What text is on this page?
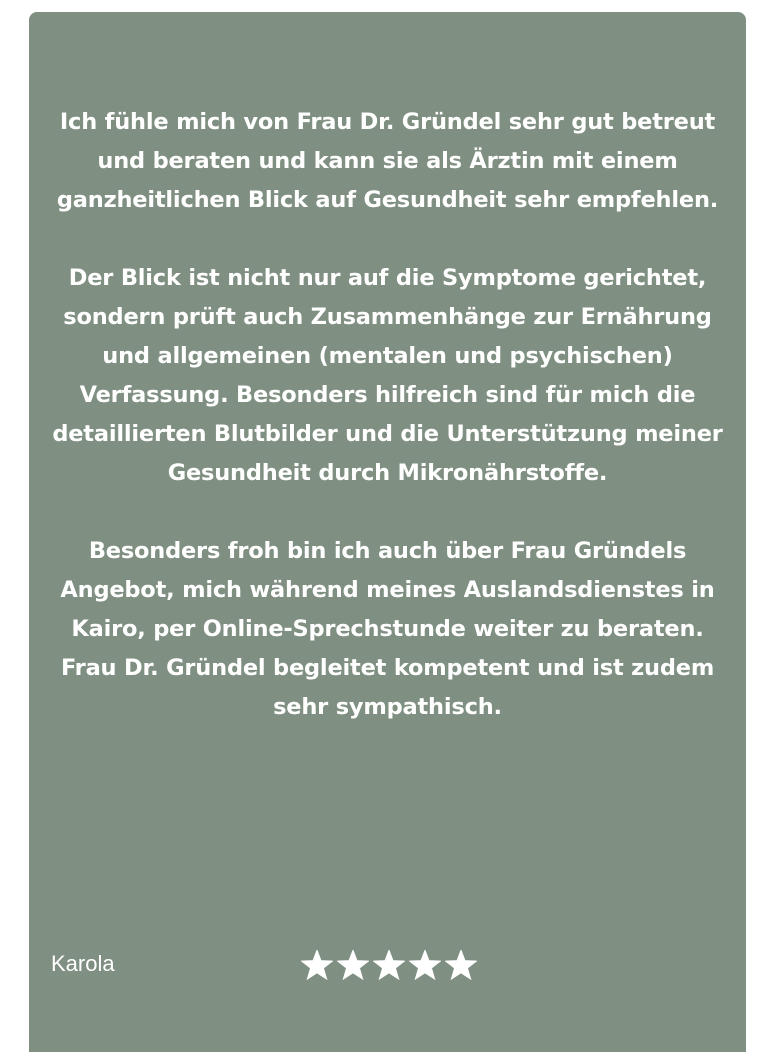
Ich fühle mich von Frau Dr. Gründel sehr gut betreut und beraten und kann sie als Ärztin mit einem ganzheitlichen Blick auf Gesundheit sehr empfehlen.

Der Blick ist nicht nur auf die Symptome gerichtet, sondern prüft auch Zusammenhänge zur Ernährung und allgemeinen (mentalen und psychischen) Verfassung. Besonders hilfreich sind für mich die detaillierten Blutbilder und die Unterstützung meiner Gesundheit durch Mikronährstoffe.

Besonders froh bin ich auch über Frau Gründels Angebot, mich während meines Auslandsdienstes in Kairo, per Online-Sprechstunde weiter zu beraten. Frau Dr. Gründel begleitet kompetent und ist zudem sehr sympathisch.

Karola
